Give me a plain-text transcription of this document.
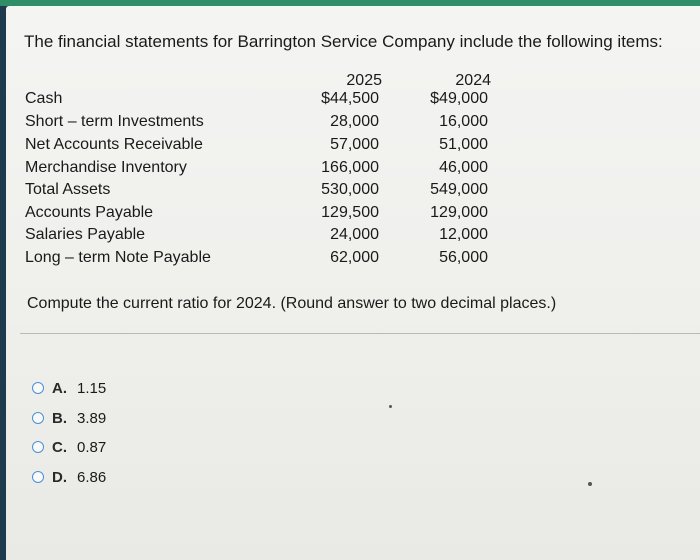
The financial statements for Barrington Service Company include the following items:
2025	2024
Cash	$44,500	$49,000
Short – term Investments	28,000	16,000
Net Accounts Receivable	57,000	51,000
Merchandise Inventory	166,000	46,000
Total Assets	530,000	549,000
Accounts Payable	129,500	129,000
Salaries Payable	24,000	12,000
Long – term Note Payable	62,000	56,000
Compute the current ratio for 2024. (Round answer to two decimal places.)
A. 1.15
B. 3.89
C. 0.87
D. 6.86
